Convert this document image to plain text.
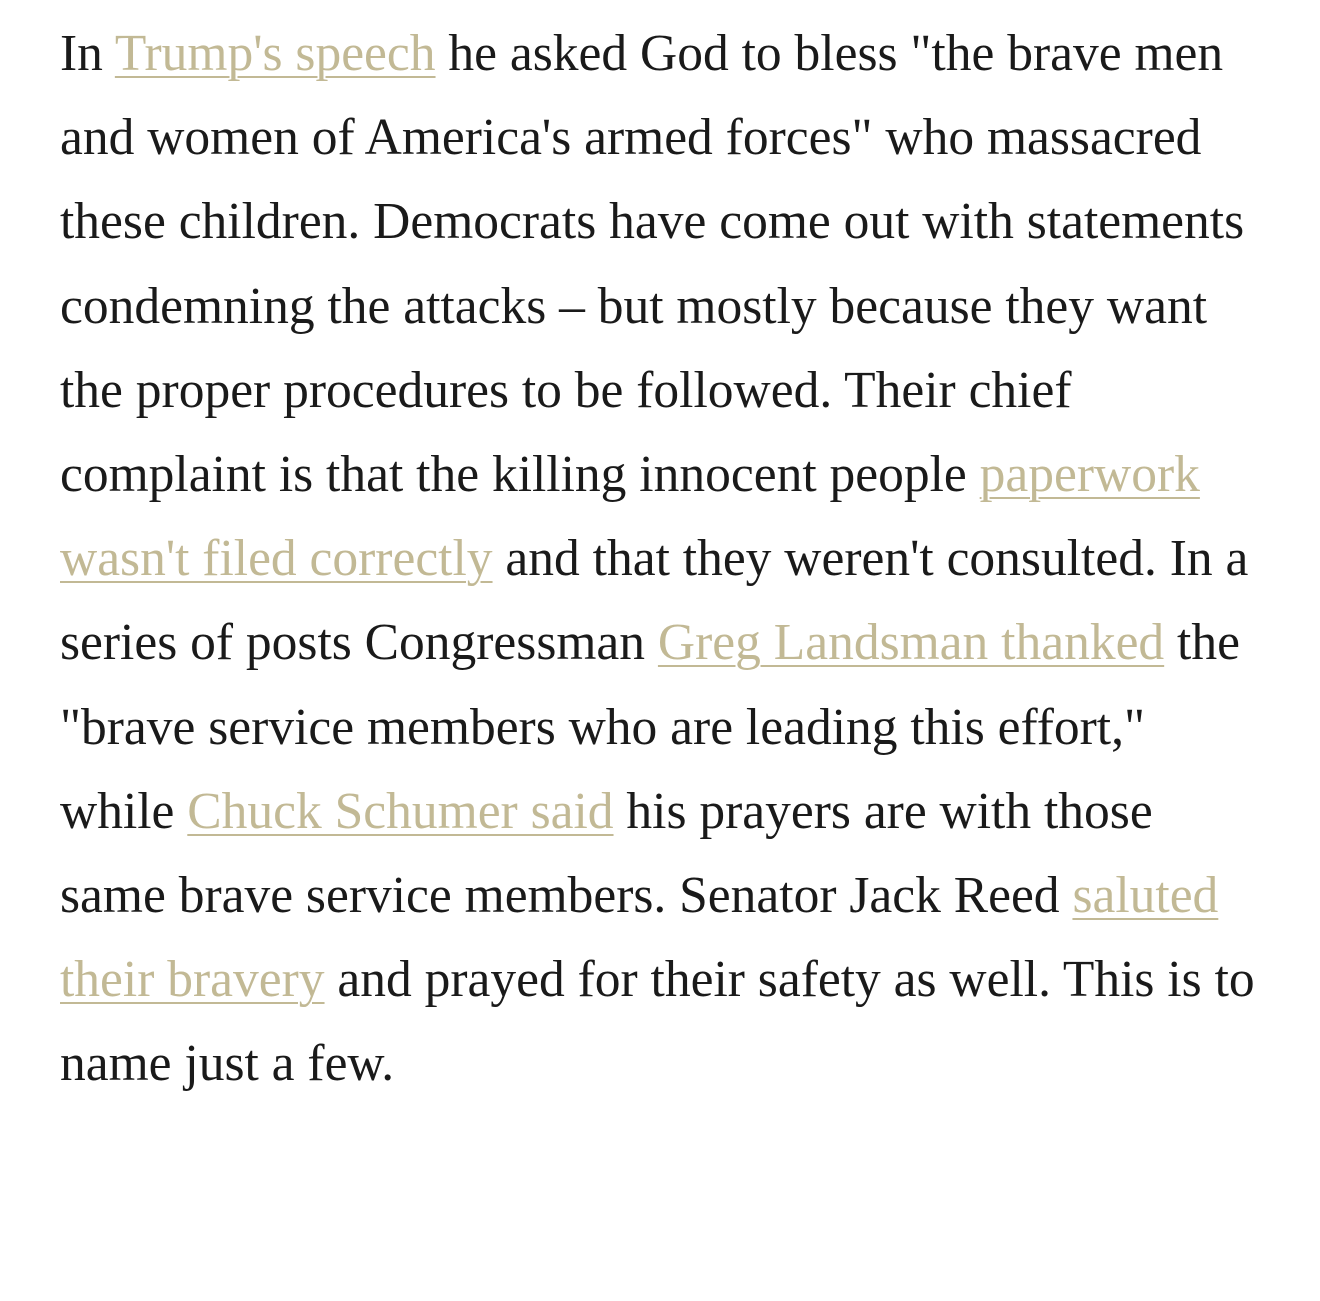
In Trump's speech he asked God to bless "the brave men and women of America's armed forces" who massacred these children. Democrats have come out with statements condemning the attacks – but mostly because they want the proper procedures to be followed. Their chief complaint is that the killing innocent people paperwork wasn't filed correctly and that they weren't consulted. In a series of posts Congressman Greg Landsman thanked the "brave service members who are leading this effort," while Chuck Schumer said his prayers are with those same brave service members. Senator Jack Reed saluted their bravery and prayed for their safety as well. This is to name just a few.
